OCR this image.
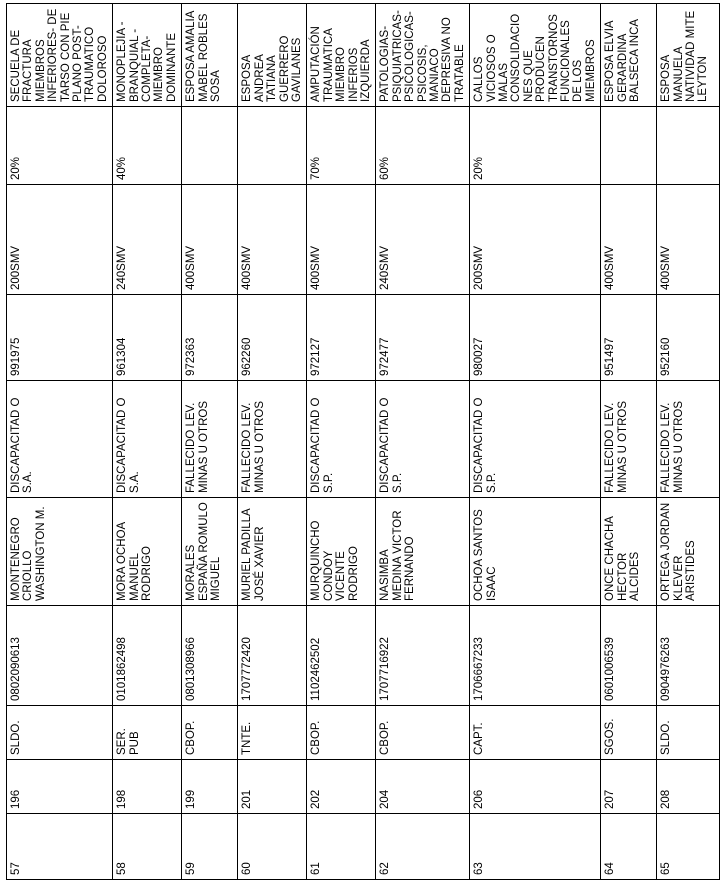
57	196	SLDO.	0802090613	MONTENEGRO CRIOLLO WASHINGTON M.	DISCAPACITAD O S.A.	991975	200SMV	20%	SECUELA DE FRACTURA MIEMBROS INFERIORES- DE TARSO CON PIE PLANO POST-TRAUMATICO DOLOROSO
58	198	SER. PUB	0101862498	MORA OCHOA MANUEL RODRIGO	DISCAPACITAD O S.A.	961304	240SMV	40%	MONOPLEJIA - BRANQUIAL - COMPLETA-MIEMBRO DOMINANTE
59	199	CBOP.	0801308966	MORALES ESPAÑA ROMULO MIGUEL	FALLECIDO LEV. MINAS U OTROS	972363	400SMV		ESPOSA AMALIA MABEL ROBLES SOSA
60	201	TNTE.	1707772420	MURIEL PADILLA JOSÉ XAVIER	FALLECIDO LEV. MINAS U OTROS	962260	400SMV		ESPOSA ANDREA TATIANA GUERRERO GAVILANES
61	202	CBOP.	1102462502	MURQUINCHO CONDOY VICENTE RODRIGO	DISCAPACITAD O S.P.	972127	400SMV	70%	AMPUTACIÓN TRAUMATICA MIEMBRO INFERIOS IZQUIERDA
62	204	CBOP.	1707716922	NASIMBA MEDINA VICTOR FERNANDO	DISCAPACITAD O S.P.	972477	240SMV	60%	PATOLOGIAS-PSIQUIATRICAS-PSICOLOGICAS-PSICOSIS, MANIACO DEPRESIVA NO TRATABLE
63	206	CAPT.	1706667233	OCHOA SANTOS ISAAC	DISCAPACITAD O S.P.	980027	200SMV	20%	CALLOS VICIOSOS O MALAS CONSOLIDACIONES QUE PRODUCEN TRANSTORNOS FUNCIONALES DE LOS MIEMBROS
64	207	SGOS.	0601006539	ONCE CHACHA HECTOR ALCIDES	FALLECIDO LEV. MINAS U OTROS	951497	400SMV		ESPOSA ELVIA GERARDINA BALSECA INCA
65	208	SLDO.	0904976263	ORTEGA JORDAN KLEVER ARISTIDES	FALLECIDO LEV. MINAS U OTROS	952160	400SMV		ESPOSA MANUELA NATIVIDAD MITE LEYTON
